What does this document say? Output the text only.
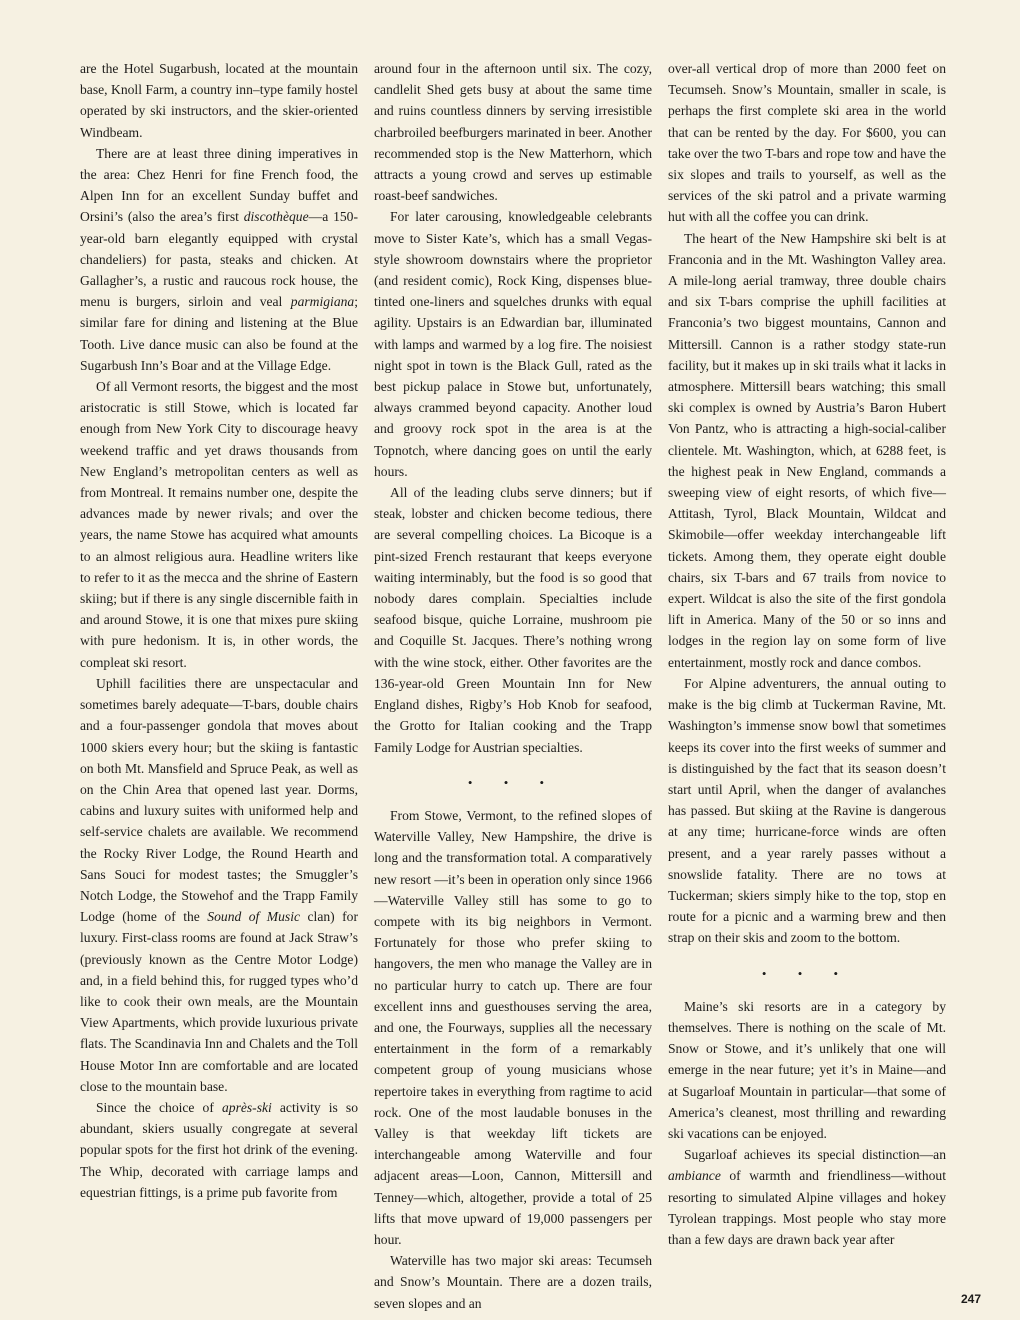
are the Hotel Sugarbush, located at the mountain base, Knoll Farm, a country inn–type family hostel operated by ski instructors, and the skier-oriented Windbeam.

There are at least three dining imperatives in the area: Chez Henri for fine French food, the Alpen Inn for an excellent Sunday buffet and Orsini’s (also the area’s first discothèque—a 150-year-old barn elegantly equipped with crystal chandeliers) for pasta, steaks and chicken. At Gallagher’s, a rustic and raucous rock house, the menu is burgers, sirloin and veal parmigiana; similar fare for dining and listening at the Blue Tooth. Live dance music can also be found at the Sugarbush Inn’s Boar and at the Village Edge.

Of all Vermont resorts, the biggest and the most aristocratic is still Stowe, which is located far enough from New York City to discourage heavy weekend traffic and yet draws thousands from New England’s metropolitan centers as well as from Montreal. It remains number one, despite the advances made by newer rivals; and over the years, the name Stowe has acquired what amounts to an almost religious aura. Headline writers like to refer to it as the mecca and the shrine of Eastern skiing; but if there is any single discernible faith in and around Stowe, it is one that mixes pure skiing with pure hedonism. It is, in other words, the compleat ski resort.

Uphill facilities there are unspectacular and sometimes barely adequate—T-bars, double chairs and a four-passenger gondola that moves about 1000 skiers every hour; but the skiing is fantastic on both Mt. Mansfield and Spruce Peak, as well as on the Chin Area that opened last year. Dorms, cabins and luxury suites with uniformed help and self-service chalets are available. We recommend the Rocky River Lodge, the Round Hearth and Sans Souci for modest tastes; the Smuggler’s Notch Lodge, the Stowehof and the Trapp Family Lodge (home of the Sound of Music clan) for luxury. First-class rooms are found at Jack Straw’s (previously known as the Centre Motor Lodge) and, in a field behind this, for rugged types who’d like to cook their own meals, are the Mountain View Apartments, which provide luxurious private flats. The Scandinavia Inn and Chalets and the Toll House Motor Inn are comfortable and are located close to the mountain base.

Since the choice of après-ski activity is so abundant, skiers usually congregate at several popular spots for the first hot drink of the evening. The Whip, decorated with carriage lamps and equestrian fittings, is a prime pub favorite from

around four in the afternoon until six. The cozy, candlelit Shed gets busy at about the same time and ruins countless dinners by serving irresistible charbroiled beefburgers marinated in beer. Another recommended stop is the New Matterhorn, which attracts a young crowd and serves up estimable roast-beef sandwiches.

For later carousing, knowledgeable celebrants move to Sister Kate’s, which has a small Vegas-style showroom downstairs where the proprietor (and resident comic), Rock King, dispenses blue-tinted one-liners and squelches drunks with equal agility. Upstairs is an Edwardian bar, illuminated with lamps and warmed by a log fire. The noisiest night spot in town is the Black Gull, rated as the best pickup palace in Stowe but, unfortunately, always crammed beyond capacity. Another loud and groovy rock spot in the area is at the Topnotch, where dancing goes on until the early hours.

All of the leading clubs serve dinners; but if steak, lobster and chicken become tedious, there are several compelling choices. La Bicoque is a pint-sized French restaurant that keeps everyone waiting interminably, but the food is so good that nobody dares complain. Specialties include seafood bisque, quiche Lorraine, mushroom pie and Coquille St. Jacques. There’s nothing wrong with the wine stock, either. Other favorites are the 136-year-old Green Mountain Inn for New England dishes, Rigby’s Hob Knob for seafood, the Grotto for Italian cooking and the Trapp Family Lodge for Austrian specialties.

• • •

From Stowe, Vermont, to the refined slopes of Waterville Valley, New Hampshire, the drive is long and the transformation total. A comparatively new resort —it’s been in operation only since 1966—Waterville Valley still has some to go to compete with its big neighbors in Vermont. Fortunately for those who prefer skiing to hangovers, the men who manage the Valley are in no particular hurry to catch up. There are four excellent inns and guesthouses serving the area, and one, the Fourways, supplies all the necessary entertainment in the form of a remarkably competent group of young musicians whose repertoire takes in everything from ragtime to acid rock. One of the most laudable bonuses in the Valley is that weekday lift tickets are interchangeable among Waterville and four adjacent areas—Loon, Cannon, Mittersill and Tenney—which, altogether, provide a total of 25 lifts that move upward of 19,000 passengers per hour.

Waterville has two major ski areas: Tecumseh and Snow’s Mountain. There are a dozen trails, seven slopes and an

over-all vertical drop of more than 2000 feet on Tecumseh. Snow’s Mountain, smaller in scale, is perhaps the first complete ski area in the world that can be rented by the day. For $600, you can take over the two T-bars and rope tow and have the six slopes and trails to yourself, as well as the services of the ski patrol and a private warming hut with all the coffee you can drink.

The heart of the New Hampshire ski belt is at Franconia and in the Mt. Washington Valley area. A mile-long aerial tramway, three double chairs and six T-bars comprise the uphill facilities at Franconia’s two biggest mountains, Cannon and Mittersill. Cannon is a rather stodgy state-run facility, but it makes up in ski trails what it lacks in atmosphere. Mittersill bears watching; this small ski complex is owned by Austria’s Baron Hubert Von Pantz, who is attracting a high-social-caliber clientele. Mt. Washington, which, at 6288 feet, is the highest peak in New England, commands a sweeping view of eight resorts, of which five—Attitash, Tyrol, Black Mountain, Wildcat and Skimobile—offer weekday interchangeable lift tickets. Among them, they operate eight double chairs, six T-bars and 67 trails from novice to expert. Wildcat is also the site of the first gondola lift in America. Many of the 50 or so inns and lodges in the region lay on some form of live entertainment, mostly rock and dance combos.

For Alpine adventurers, the annual outing to make is the big climb at Tuckerman Ravine, Mt. Washington’s immense snow bowl that sometimes keeps its cover into the first weeks of summer and is distinguished by the fact that its season doesn’t start until April, when the danger of avalanches has passed. But skiing at the Ravine is dangerous at any time; hurricane-force winds are often present, and a year rarely passes without a snowslide fatality. There are no tows at Tuckerman; skiers simply hike to the top, stop en route for a picnic and a warming brew and then strap on their skis and zoom to the bottom.

• • •

Maine’s ski resorts are in a category by themselves. There is nothing on the scale of Mt. Snow or Stowe, and it’s unlikely that one will emerge in the near future; yet it’s in Maine—and at Sugarloaf Mountain in particular—that some of America’s cleanest, most thrilling and rewarding ski vacations can be enjoyed.

Sugarloaf achieves its special distinction—an ambiance of warmth and friendliness—without resorting to simulated Alpine villages and hokey Tyrolean trappings. Most people who stay more than a few days are drawn back year after

247
